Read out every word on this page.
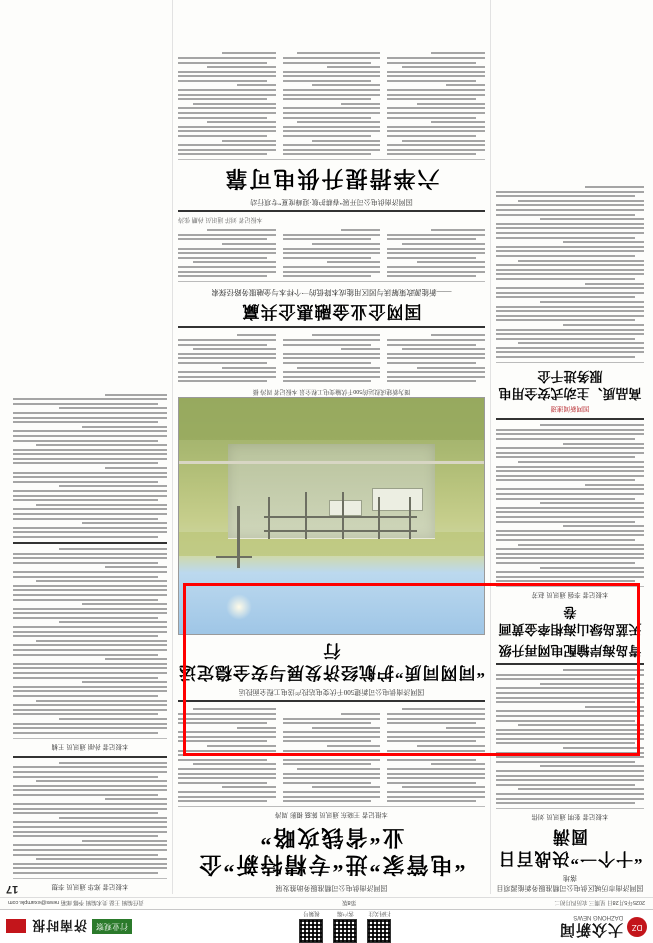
DZ
大众新闻
DAZHONG NEWS
扫码关注
客户端
视频号
行业观察
济南时报
2025年5月28日 星期三 农历四月初二
第8版
责任编辑 王磊 美术编辑 李娜 邮箱 news@example.com
17	国网济南市历城区供电公司精准服务新能源项目落地
“十个一”决战百日圆满
本报记者 张明 通讯员 刘伟
青岛海岸输配电网再升级
天蓝岛绿山海相牵金黄画卷
本报记者 李强 通讯员 赵芳
国网新闻速递
高品质、主动式安全用电服务进千企
国网济南供电公司精准服务助推发展
“电管家”进“专精特新”企业“省钱攻略”
本报记者 王晓东 通讯员 陈磊 摄影 周涛
国网济南供电公司新建500千伏变电站投产送电工程全面投运
“同网同质”护航经济发展与安全稳定运行
图为新建成投运的500千伏输变电工程全景 本报记者 周涛 摄
国网企业金融惠企共赢
——新能源政策解读与园区用能成本降低的一个样本与金融服务路径探索
本报记者 刘洋 通讯员 孙鹏 张涛
国网济南供电公司开展“春耕护航·迎峰度夏”专项行动
六举措提升供电可靠
本报记者 郑华 通讯员 李想
本报记者 孙丽 通讯员 王楠
